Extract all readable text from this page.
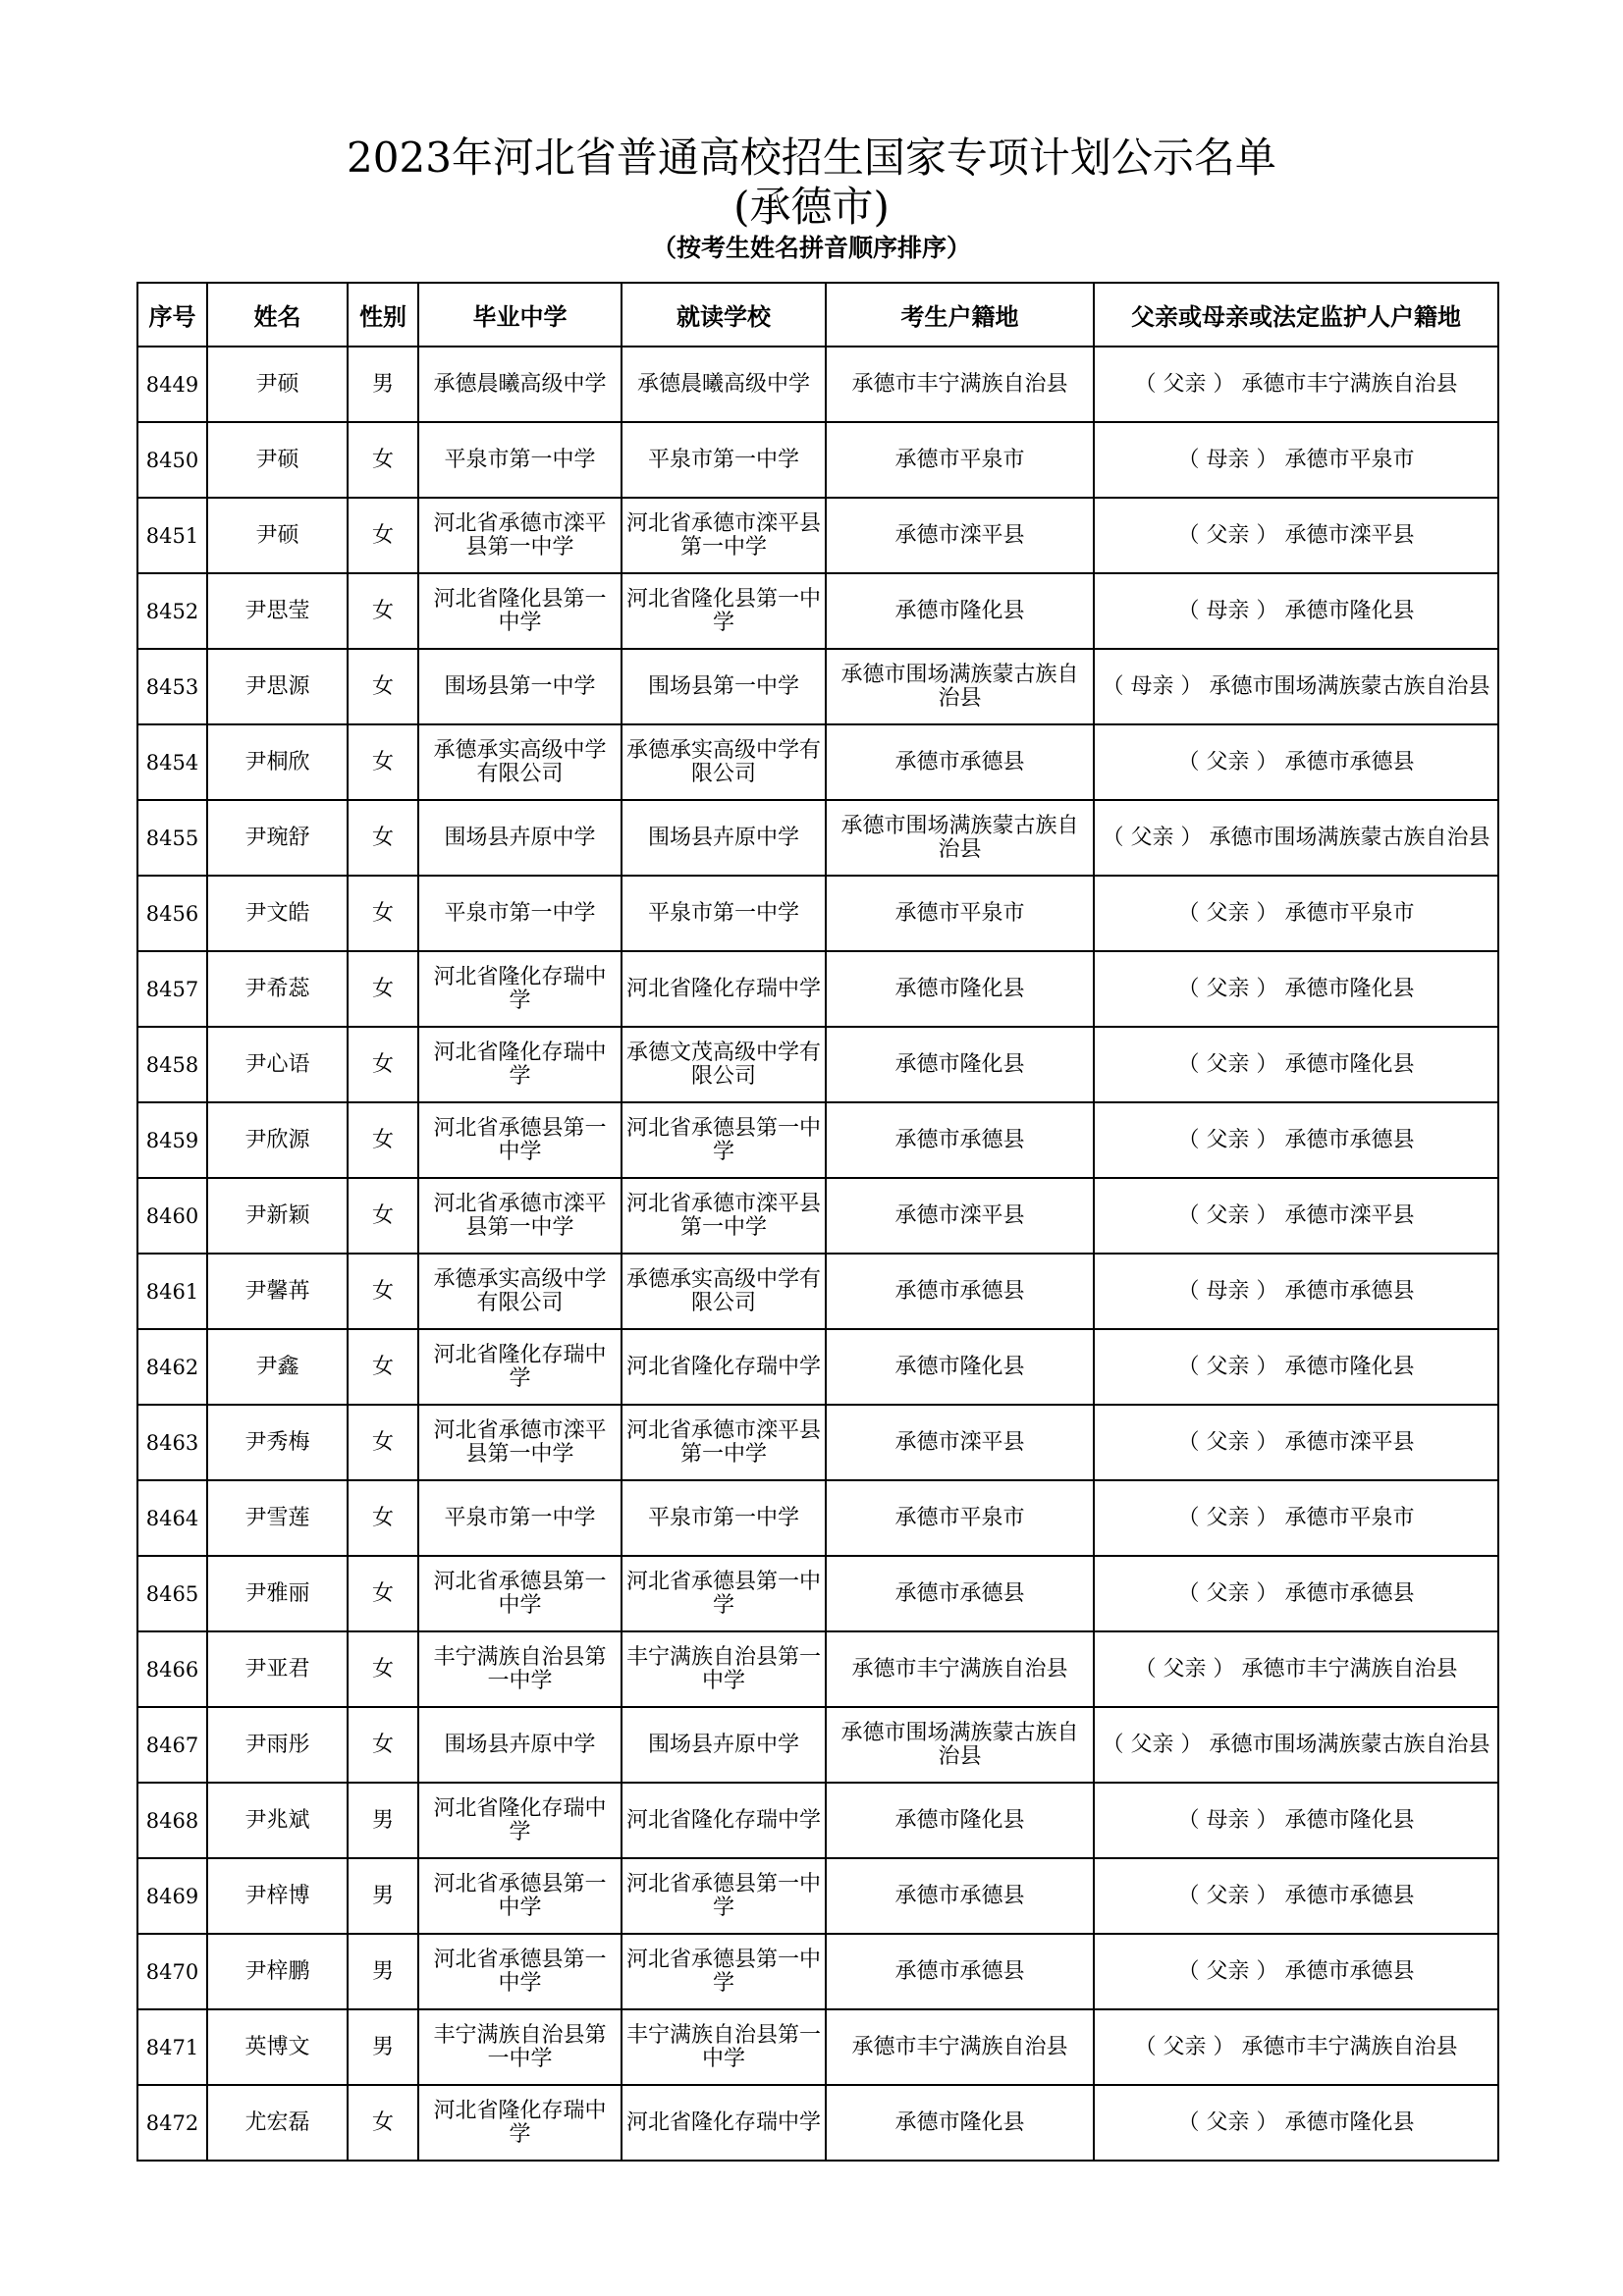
2023年河北省普通高校招生国家专项计划公示名单
(承德市)
（按考生姓名拼音顺序排序）
序号	姓名	性别	毕业中学	就读学校	考生户籍地	父亲或母亲或法定监护人户籍地
8449	尹硕	男	承德晨曦高级中学	承德晨曦高级中学	承德市丰宁满族自治县	（ 父亲 ） 承德市丰宁满族自治县
8450	尹硕	女	平泉市第一中学	平泉市第一中学	承德市平泉市	（ 母亲 ） 承德市平泉市
8451	尹硕	女	河北省承德市滦平县第一中学	河北省承德市滦平县第一中学	承德市滦平县	（ 父亲 ） 承德市滦平县
8452	尹思莹	女	河北省隆化县第一中学	河北省隆化县第一中学	承德市隆化县	（ 母亲 ） 承德市隆化县
8453	尹思源	女	围场县第一中学	围场县第一中学	承德市围场满族蒙古族自治县	（ 母亲 ） 承德市围场满族蒙古族自治县
8454	尹桐欣	女	承德承实高级中学有限公司	承德承实高级中学有限公司	承德市承德县	（ 父亲 ） 承德市承德县
8455	尹琬舒	女	围场县卉原中学	围场县卉原中学	承德市围场满族蒙古族自治县	（ 父亲 ） 承德市围场满族蒙古族自治县
8456	尹文皓	女	平泉市第一中学	平泉市第一中学	承德市平泉市	（ 父亲 ） 承德市平泉市
8457	尹希蕊	女	河北省隆化存瑞中学	河北省隆化存瑞中学	承德市隆化县	（ 父亲 ） 承德市隆化县
8458	尹心语	女	河北省隆化存瑞中学	承德文茂高级中学有限公司	承德市隆化县	（ 父亲 ） 承德市隆化县
8459	尹欣源	女	河北省承德县第一中学	河北省承德县第一中学	承德市承德县	（ 父亲 ） 承德市承德县
8460	尹新颖	女	河北省承德市滦平县第一中学	河北省承德市滦平县第一中学	承德市滦平县	（ 父亲 ） 承德市滦平县
8461	尹馨苒	女	承德承实高级中学有限公司	承德承实高级中学有限公司	承德市承德县	（ 母亲 ） 承德市承德县
8462	尹鑫	女	河北省隆化存瑞中学	河北省隆化存瑞中学	承德市隆化县	（ 父亲 ） 承德市隆化县
8463	尹秀梅	女	河北省承德市滦平县第一中学	河北省承德市滦平县第一中学	承德市滦平县	（ 父亲 ） 承德市滦平县
8464	尹雪莲	女	平泉市第一中学	平泉市第一中学	承德市平泉市	（ 父亲 ） 承德市平泉市
8465	尹雅丽	女	河北省承德县第一中学	河北省承德县第一中学	承德市承德县	（ 父亲 ） 承德市承德县
8466	尹亚君	女	丰宁满族自治县第一中学	丰宁满族自治县第一中学	承德市丰宁满族自治县	（ 父亲 ） 承德市丰宁满族自治县
8467	尹雨彤	女	围场县卉原中学	围场县卉原中学	承德市围场满族蒙古族自治县	（ 父亲 ） 承德市围场满族蒙古族自治县
8468	尹兆斌	男	河北省隆化存瑞中学	河北省隆化存瑞中学	承德市隆化县	（ 母亲 ） 承德市隆化县
8469	尹梓博	男	河北省承德县第一中学	河北省承德县第一中学	承德市承德县	（ 父亲 ） 承德市承德县
8470	尹梓鹏	男	河北省承德县第一中学	河北省承德县第一中学	承德市承德县	（ 父亲 ） 承德市承德县
8471	英博文	男	丰宁满族自治县第一中学	丰宁满族自治县第一中学	承德市丰宁满族自治县	（ 父亲 ） 承德市丰宁满族自治县
8472	尤宏磊	女	河北省隆化存瑞中学	河北省隆化存瑞中学	承德市隆化县	（ 父亲 ） 承德市隆化县
